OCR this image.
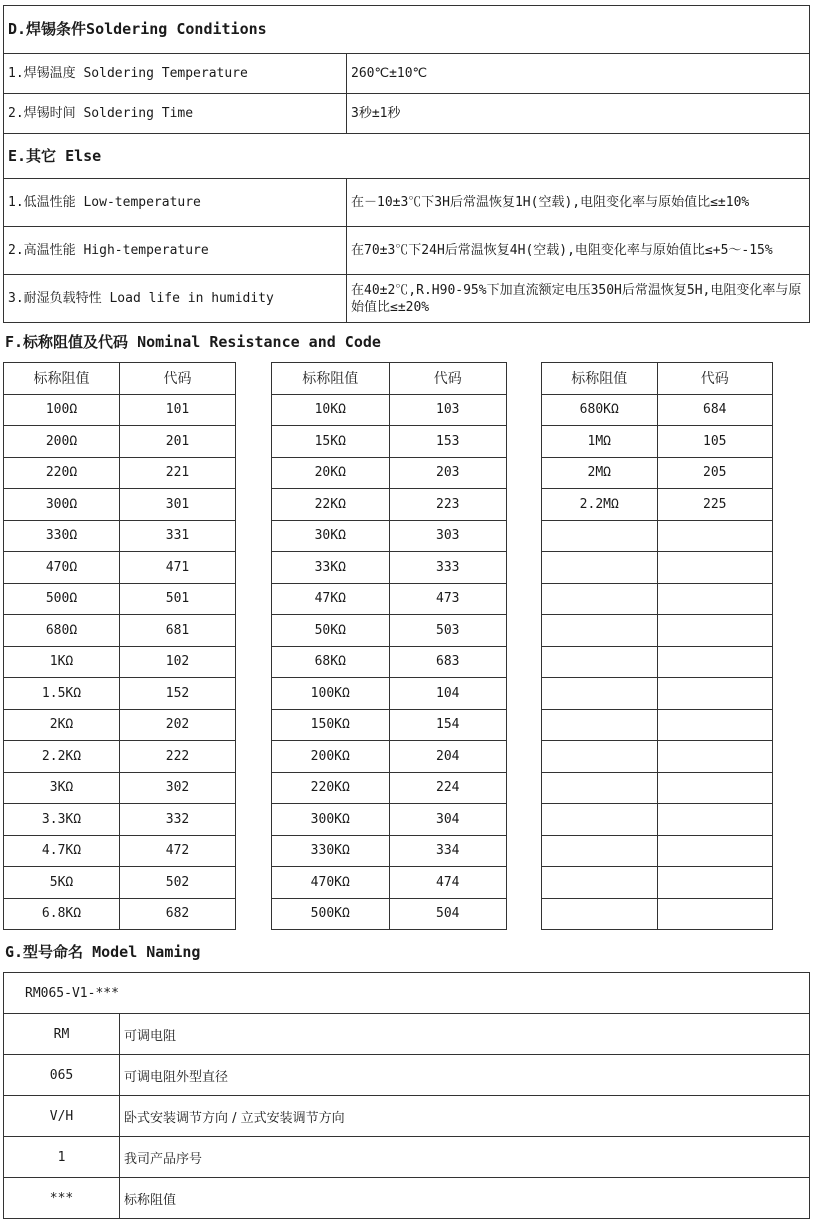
D.焊锡条件Soldering Conditions	
1.焊锡温度 Soldering Temperature	260℃±10℃
2.焊锡时间 Soldering Time	3秒±1秒
E.其它 Else	
1.低温性能 Low-temperature	在－10±3℃下3H后常温恢复1H(空载),电阻变化率与原始值比≤±10%
2.高温性能 High-temperature	在70±3℃下24H后常温恢复4H(空载),电阻变化率与原始值比≤+5～-15%
3.耐湿负载特性 Load life in humidity	在40±2℃,R.H90-95%下加直流额定电压350H后常温恢复5H,电阻变化率与原始值比≤±20%
F.标称阻值及代码 Nominal Resistance and Code
标称阻值	代码
100Ω	101
200Ω	201
220Ω	221
300Ω	301
330Ω	331
470Ω	471
500Ω	501
680Ω	681
1KΩ	102
1.5KΩ	152
2KΩ	202
2.2KΩ	222
3KΩ	302
3.3KΩ	332
4.7KΩ	472
5KΩ	502
6.8KΩ	682
标称阻值	代码
10KΩ	103
15KΩ	153
20KΩ	203
22KΩ	223
30KΩ	303
33KΩ	333
47KΩ	473
50KΩ	503
68KΩ	683
100KΩ	104
150KΩ	154
200KΩ	204
220KΩ	224
300KΩ	304
330KΩ	334
470KΩ	474
500KΩ	504
标称阻值	代码
680KΩ	684
1MΩ	105
2MΩ	205
2.2MΩ	225

G.型号命名 Model Naming
RM065-V1-***	
RM	可调电阻
065	可调电阻外型直径
V/H	卧式安装调节方向 / 立式安装调节方向
1	我司产品序号
***	标称阻值
